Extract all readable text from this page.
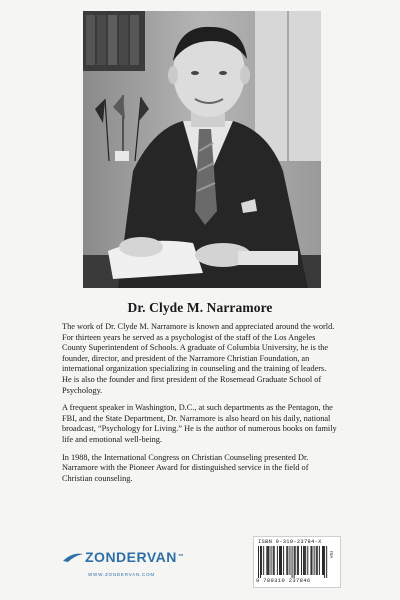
Dr. Clyde M. Narramore

The work of Dr. Clyde M. Narramore is known and appreciated around the world. For thirteen years he served as a psychologist of the staff of the Los Angeles County Superintendent of Schools. A graduate of Columbia University, he is the founder, director, and president of the Narramore Christian Foundation, an international organization specializing in counseling and the training of leaders. He is also the founder and first president of the Rosemead Graduate School of Psychology.

A frequent speaker in Washington, D.C., at such departments as the Pentagon, the FBI, and the State Department, Dr. Narramore is also heard on his daily, national broadcast, “Psychology for Living.” He is the author of numerous books on family life and emotional well-being.

In 1988, the International Congress on Christian Counseling presented Dr. Narramore with the Pioneer Award for distinguished service in the field of Christian counseling.

ZONDERVAN ™
WWW.ZONDERVAN.COM
ISBN 0-310-23784-X
9 780310 237846
ISA
